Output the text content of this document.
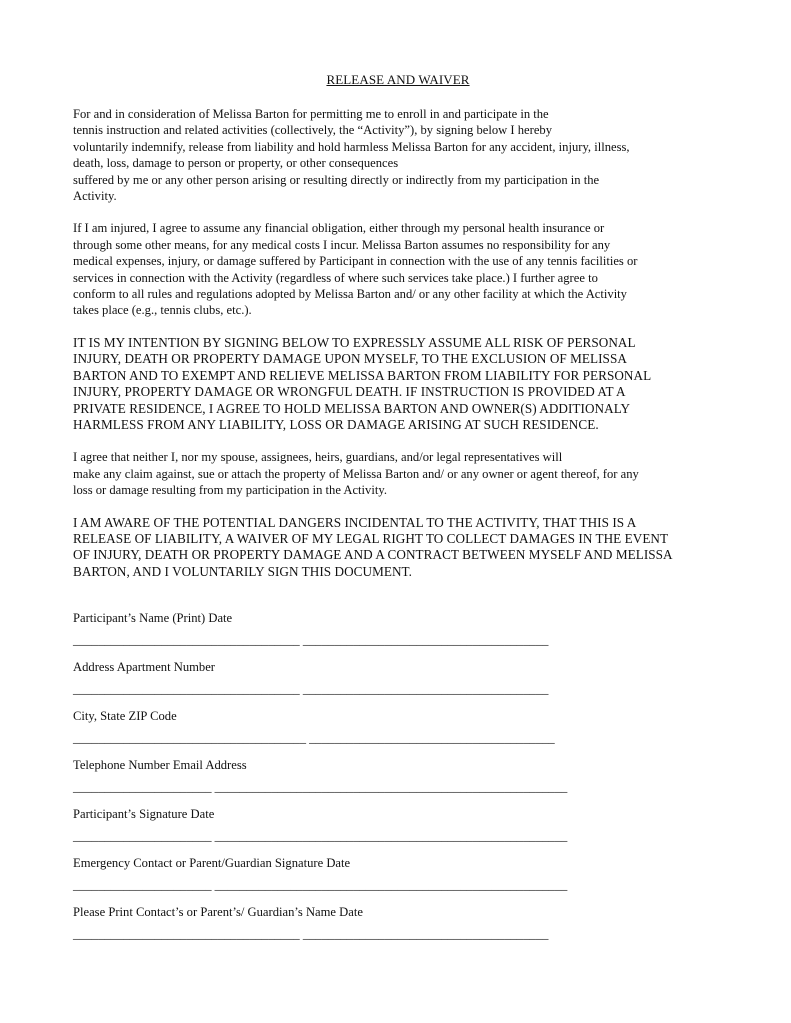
RELEASE AND WAIVER
For and in consideration of Melissa Barton for permitting me to enroll in and participate in the
tennis instruction and related activities (collectively, the “Activity”), by signing below I hereby
voluntarily indemnify, release from liability and hold harmless Melissa Barton for any accident, injury, illness,
death, loss, damage to person or property, or other consequences
suffered by me or any other person arising or resulting directly or indirectly from my participation in the
Activity.
If I am injured, I agree to assume any financial obligation, either through my personal health insurance or
through some other means, for any medical costs I incur. Melissa Barton assumes no responsibility for any
medical expenses, injury, or damage suffered by Participant in connection with the use of any tennis facilities or
services in connection with the Activity (regardless of where such services take place.) I further agree to
conform to all rules and regulations adopted by Melissa Barton and/ or any other facility at which the Activity
takes place (e.g., tennis clubs, etc.).
IT IS MY INTENTION BY SIGNING BELOW TO EXPRESSLY ASSUME ALL RISK OF PERSONAL
INJURY, DEATH OR PROPERTY DAMAGE UPON MYSELF, TO THE EXCLUSION OF MELISSA
BARTON AND TO EXEMPT AND RELIEVE MELISSA BARTON FROM LIABILITY FOR PERSONAL
INJURY, PROPERTY DAMAGE OR WRONGFUL DEATH. IF INSTRUCTION IS PROVIDED AT A
PRIVATE RESIDENCE, I AGREE TO HOLD MELISSA BARTON AND OWNER(S) ADDITIONALY
HARMLESS FROM ANY LIABILITY, LOSS OR DAMAGE ARISING AT SUCH RESIDENCE.
I agree that neither I, nor my spouse, assignees, heirs, guardians, and/or legal representatives will
make any claim against, sue or attach the property of Melissa Barton and/ or any owner or agent thereof, for any
loss or damage resulting from my participation in the Activity.
I AM AWARE OF THE POTENTIAL DANGERS INCIDENTAL TO THE ACTIVITY, THAT THIS IS A
RELEASE OF LIABILITY, A WAIVER OF MY LEGAL RIGHT TO COLLECT DAMAGES IN THE EVENT
OF INJURY, DEATH OR PROPERTY DAMAGE AND A CONTRACT BETWEEN MYSELF AND MELISSA
BARTON, AND I VOLUNTARILY SIGN THIS DOCUMENT.
Participant’s Name (Print) Date
____________________________________ _______________________________________
Address Apartment Number
____________________________________ _______________________________________
City, State ZIP Code
_____________________________________ _______________________________________
Telephone Number Email Address
______________________ ________________________________________________________
Participant’s Signature Date
______________________ ________________________________________________________
Emergency Contact or Parent/Guardian Signature Date
______________________ ________________________________________________________
Please Print Contact’s or Parent’s/ Guardian’s Name Date
____________________________________ _______________________________________
